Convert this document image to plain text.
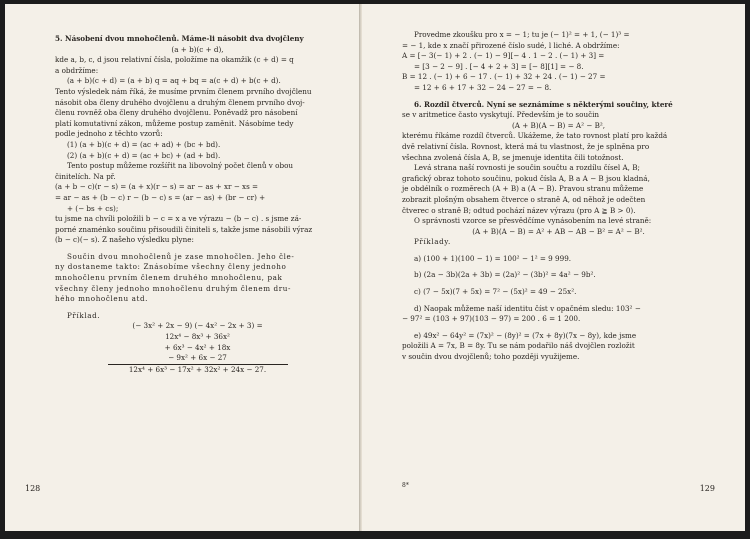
5. Násobení dvou mnohočlenů. Máme-li násobit dva dvojčleny

(a + b)(c + d),

kde a, b, c, d jsou relativní čísla, položíme na okamžik (c + d) = q

a obdržíme:

(a + b)(c + d) = (a + b) q = aq + bq = a(c + d) + b(c + d).

Tento výsledek nám říká, že musíme prvním členem prvního dvojčlenu

násobit oba členy druhého dvojčlenu a druhým členem prvního dvoj-

členu rovněž oba členy druhého dvojčlenu. Poněvadž pro násobení

platí komutativní zákon, můžeme postup zaměnit. Násobíme tedy

podle jednoho z těchto vzorů:

(1) (a + b)(c + d) = (ac + ad) + (bc + bd).

(2) (a + b)(c + d) = (ac + bc) + (ad + bd).

Tento postup můžeme rozšířit na libovolný počet členů v obou

činitelích. Na př.

(a + b − c)(r − s) = (a + x)(r − s) = ar − as + xr − xs =

= ar − as + (b − c) r − (b − c) s = (ar − as) + (br − cr) +

+ (− bs + cs);

tu jsme na chvíli položili b − c = x a ve výrazu − (b − c) . s jsme zá-

porné znaménko součinu přisoudili činiteli s, takže jsme násobili výraz

(b − c)(− s). Z našeho výsledku plyne:

Součin dvou mnohočlenů je zase mnohočlen. Jeho čle-

ny dostaneme takto: Znásobíme všechny členy jednoho

mnohočlenu prvním členem druhého mnohočlenu, pak

všechny členy jednoho mnohočlenu druhým členem dru-

hého mnohočlenu atd.

Příklad.

(− 3x² + 2x − 9) (− 4x² − 2x + 3) =

12x⁴ − 8x³ + 36x²

+ 6x³ − 4x² + 18x

− 9x² + 6x − 27

12x⁴ + 6x³ − 17x² + 32x² + 24x − 27.

128

Provedme zkoušku pro x = − 1; tu je (− 1)² = + 1, (− 1)³ =

= − 1, kde x značí přirozené číslo sudé, l liché. A obdržíme:

A = [− 3(− 1) + 2 . (− 1) − 9][− 4 . 1 − 2 . (− 1) + 3] =

= [3 − 2 − 9] . [− 4 + 2 + 3] = [− 8][1] = − 8.

B = 12 . (− 1) + 6 − 17 . (− 1) + 32 + 24 . (− 1) − 27 =

= 12 + 6 + 17 + 32 − 24 − 27 = − 8.

6. Rozdíl čtverců. Nyní se seznámíme s některými součiny, které

se v aritmetice často vyskytují. Především je to součin

(A + B)(A − B) = A² − B²,

kterému říkáme rozdíl čtverců. Ukážeme, že tato rovnost platí pro každá

dvě relativní čísla. Rovnost, která má tu vlastnost, že je splněna pro

všechna zvolená čísla A, B, se jmenuje identita čili totožnost.

Levá strana naší rovnosti je součin součtu a rozdílu čísel A, B;

grafický obraz tohoto součinu, pokud čísla A, B a A − B jsou kladná,

je obdélník o rozměrech (A + B) a (A − B). Pravou stranu můžeme

zobrazit plošným obsahem čtverce o straně A, od něhož je odečten

čtverec o straně B; odtud pochází název výrazu (pro A ≧ B > 0).

O správnosti vzorce se přesvědčíme vynásobením na levé straně:

(A + B)(A − B) = A² + AB − AB − B² = A² − B².

Příklady.

a) (100 + 1)(100 − 1) = 100² − 1² = 9 999.

b) (2a − 3b)(2a + 3b) = (2a)² − (3b)² = 4a² − 9b².

c) (7 − 5x)(7 + 5x) = 7² − (5x)² = 49 − 25x².

d) Naopak můžeme naší identitu číst v opačném sledu: 103² −

− 97² = (103 + 97)(103 − 97) = 200 . 6 = 1 200.

e) 49x² − 64y² = (7x)² − (8y)² = (7x + 8y)(7x − 8y), kde jsme

položili A = 7x, B = 8y. Tu se nám podařilo náš dvojčlen rozložit

v součin dvou dvojčlenů; toho později využijeme.

8*	129
